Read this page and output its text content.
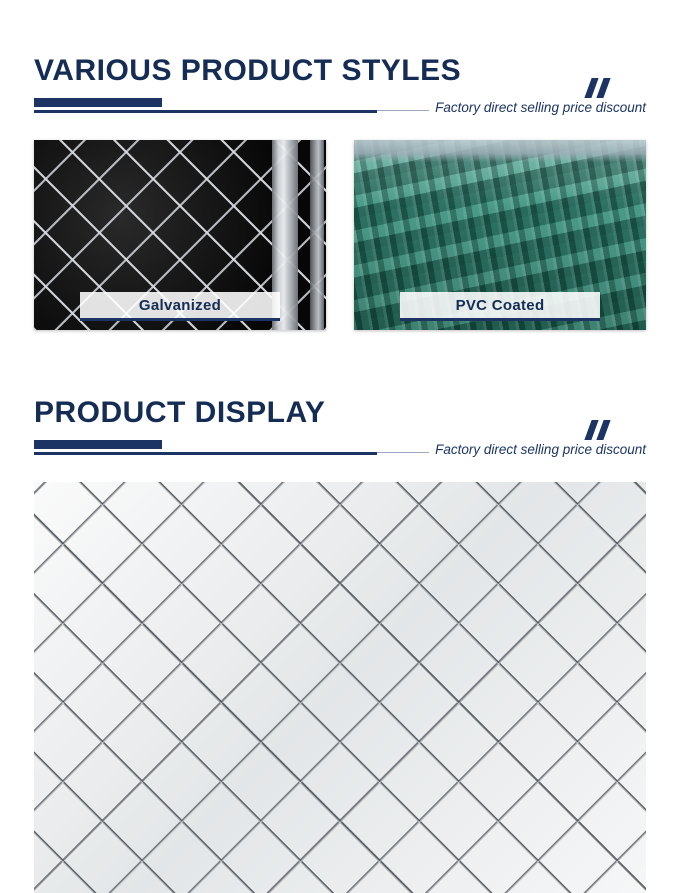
VARIOUS PRODUCT STYLES
Factory direct selling price discount
Galvanized	PVC Coated
PRODUCT DISPLAY
Factory direct selling price discount
